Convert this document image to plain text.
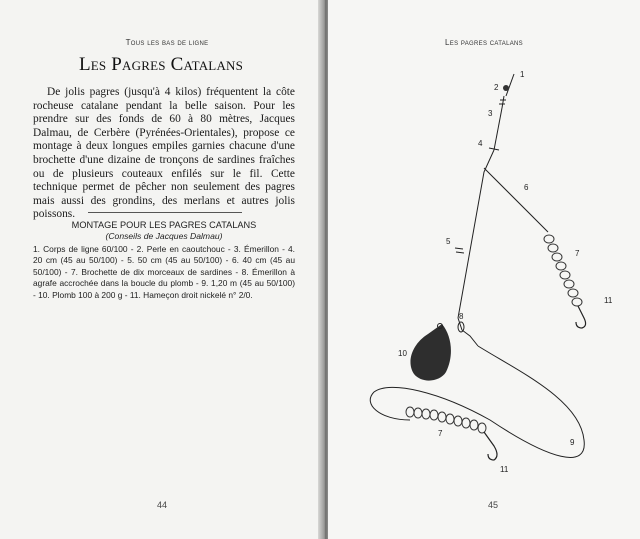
Tous les bas de ligne
Les Pagres Catalans
De jolis pagres (jusqu'à 4 kilos) fréquentent la côte rocheuse catalane pendant la belle saison. Pour les prendre sur des fonds de 60 à 80 mètres, Jacques Dalmau, de Cerbère (Pyrénées-Orientales), propose ce montage à deux longues empiles garnies chacune d'une brochette d'une dizaine de tronçons de sardines fraîches ou de plusieurs couteaux enfilés sur le fil. Cette technique permet de pêcher non seulement des pagres mais aussi des grondins, des merlans et autres jolis poissons.
MONTAGE POUR LES PAGRES CATALANS
(Conseils de Jacques Dalmau)
1. Corps de ligne 60/100 - 2. Perle en caoutchouc - 3. Émerillon - 4. 20 cm (45 au 50/100) - 5. 50 cm (45 au 50/100) - 6. 40 cm (45 au 50/100) - 7. Brochette de dix morceaux de sardines - 8. Émerillon à agrafe accrochée dans la boucle du plomb - 9. 1,20 m (45 au 50/100) - 10. Plomb 100 à 200 g - 11. Hameçon droit nickelé n° 2/0.
44
Les pagres catalans
45
1
2
3
4
5
6
7
8
9
10
11
7
11
